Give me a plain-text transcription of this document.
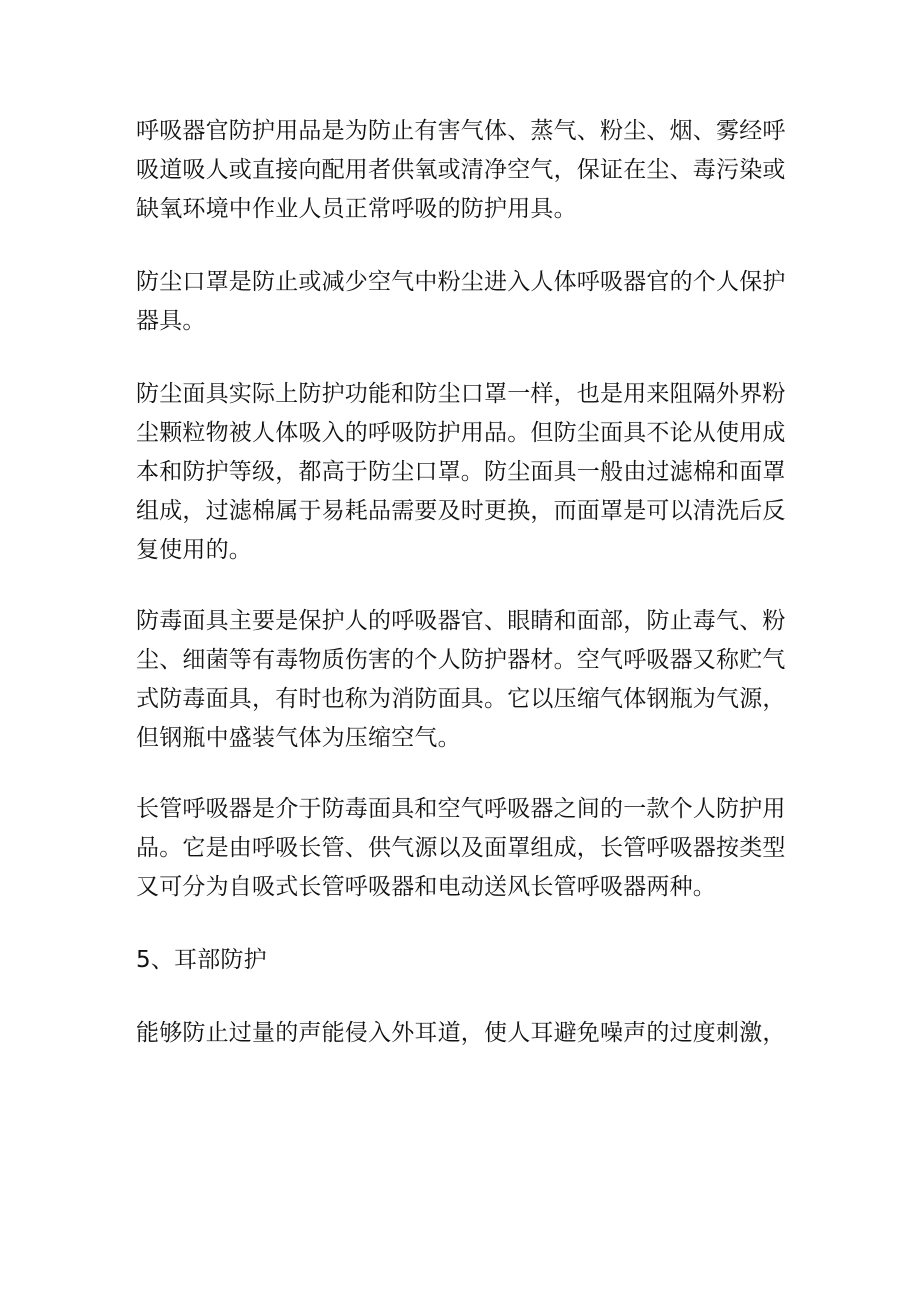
呼吸器官防护用品是为防止有害气体、蒸气、粉尘、烟、雾经呼
吸道吸人或直接向配用者供氧或清净空气，保证在尘、毒污染或
缺氧环境中作业人员正常呼吸的防护用具。

防尘口罩是防止或减少空气中粉尘进入人体呼吸器官的个人保护
器具。

防尘面具实际上防护功能和防尘口罩一样，也是用来阻隔外界粉
尘颗粒物被人体吸入的呼吸防护用品。但防尘面具不论从使用成
本和防护等级，都高于防尘口罩。防尘面具一般由过滤棉和面罩
组成，过滤棉属于易耗品需要及时更换，而面罩是可以清洗后反
复使用的。

防毒面具主要是保护人的呼吸器官、眼睛和面部，防止毒气、粉
尘、细菌等有毒物质伤害的个人防护器材。空气呼吸器又称贮气
式防毒面具，有时也称为消防面具。它以压缩气体钢瓶为气源，
但钢瓶中盛装气体为压缩空气。

长管呼吸器是介于防毒面具和空气呼吸器之间的一款个人防护用
品。它是由呼吸长管、供气源以及面罩组成，长管呼吸器按类型
又可分为自吸式长管呼吸器和电动送风长管呼吸器两种。

5、耳部防护

能够防止过量的声能侵入外耳道，使人耳避免噪声的过度刺激，
